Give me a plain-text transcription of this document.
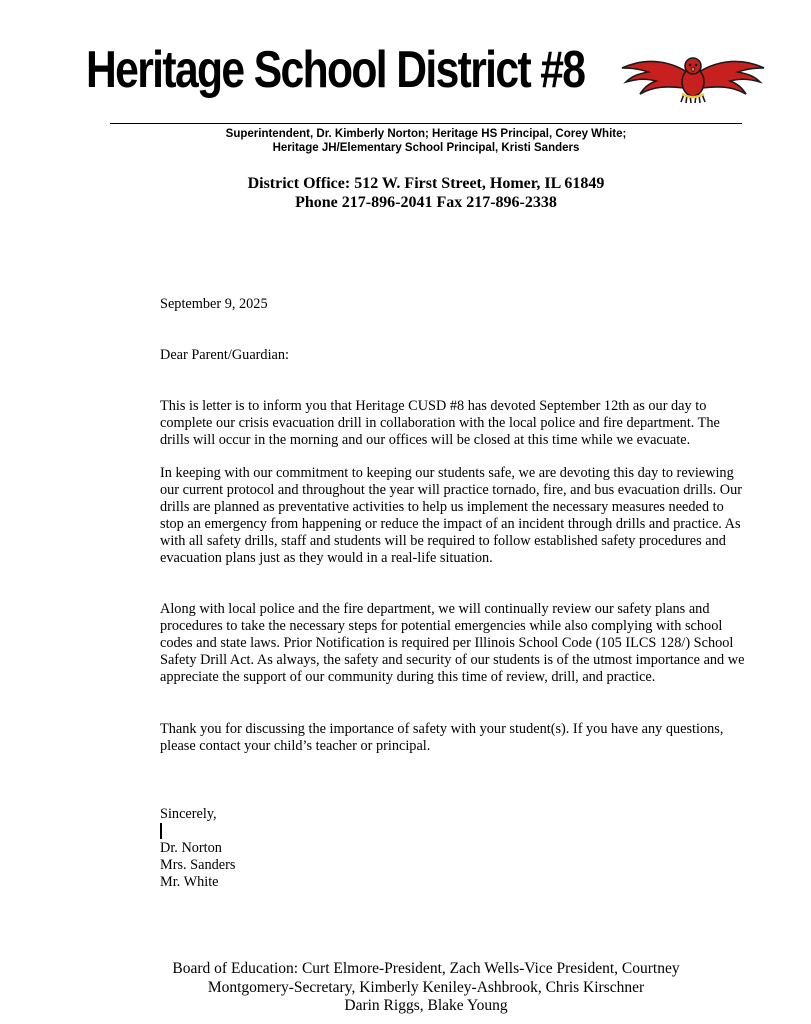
Heritage School District #8
Superintendent, Dr. Kimberly Norton; Heritage HS Principal, Corey White;
Heritage JH/Elementary School Principal, Kristi Sanders
District Office: 512 W. First Street, Homer, IL 61849
Phone 217-896-2041 Fax 217-896-2338
September 9, 2025
Dear Parent/Guardian:

This is letter is to inform you that Heritage CUSD #8 has devoted September 12th as our day to complete our crisis evacuation drill in collaboration with the local police and fire department. The drills will occur in the morning and our offices will be closed at this time while we evacuate.

In keeping with our commitment to keeping our students safe, we are devoting this day to reviewing our current protocol and throughout the year will practice tornado, fire, and bus evacuation drills. Our drills are planned as preventative activities to help us implement the necessary measures needed to stop an emergency from happening or reduce the impact of an incident through drills and practice. As with all safety drills, staff and students will be required to follow established safety procedures and evacuation plans just as they would in a real-life situation.

Along with local police and the fire department, we will continually review our safety plans and procedures to take the necessary steps for potential emergencies while also complying with school codes and state laws. Prior Notification is required per Illinois School Code (105 ILCS 128/) School Safety Drill Act. As always, the safety and security of our students is of the utmost importance and we appreciate the support of our community during this time of review, drill, and practice.

Thank you for discussing the importance of safety with your student(s). If you have any questions, please contact your child’s teacher or principal.

Sincerely,
Dr. Norton
Mrs. Sanders
Mr. White
Board of Education: Curt Elmore-President, Zach Wells-Vice President, Courtney
Montgomery-Secretary, Kimberly Keniley-Ashbrook, Chris Kirschner
Darin Riggs, Blake Young
